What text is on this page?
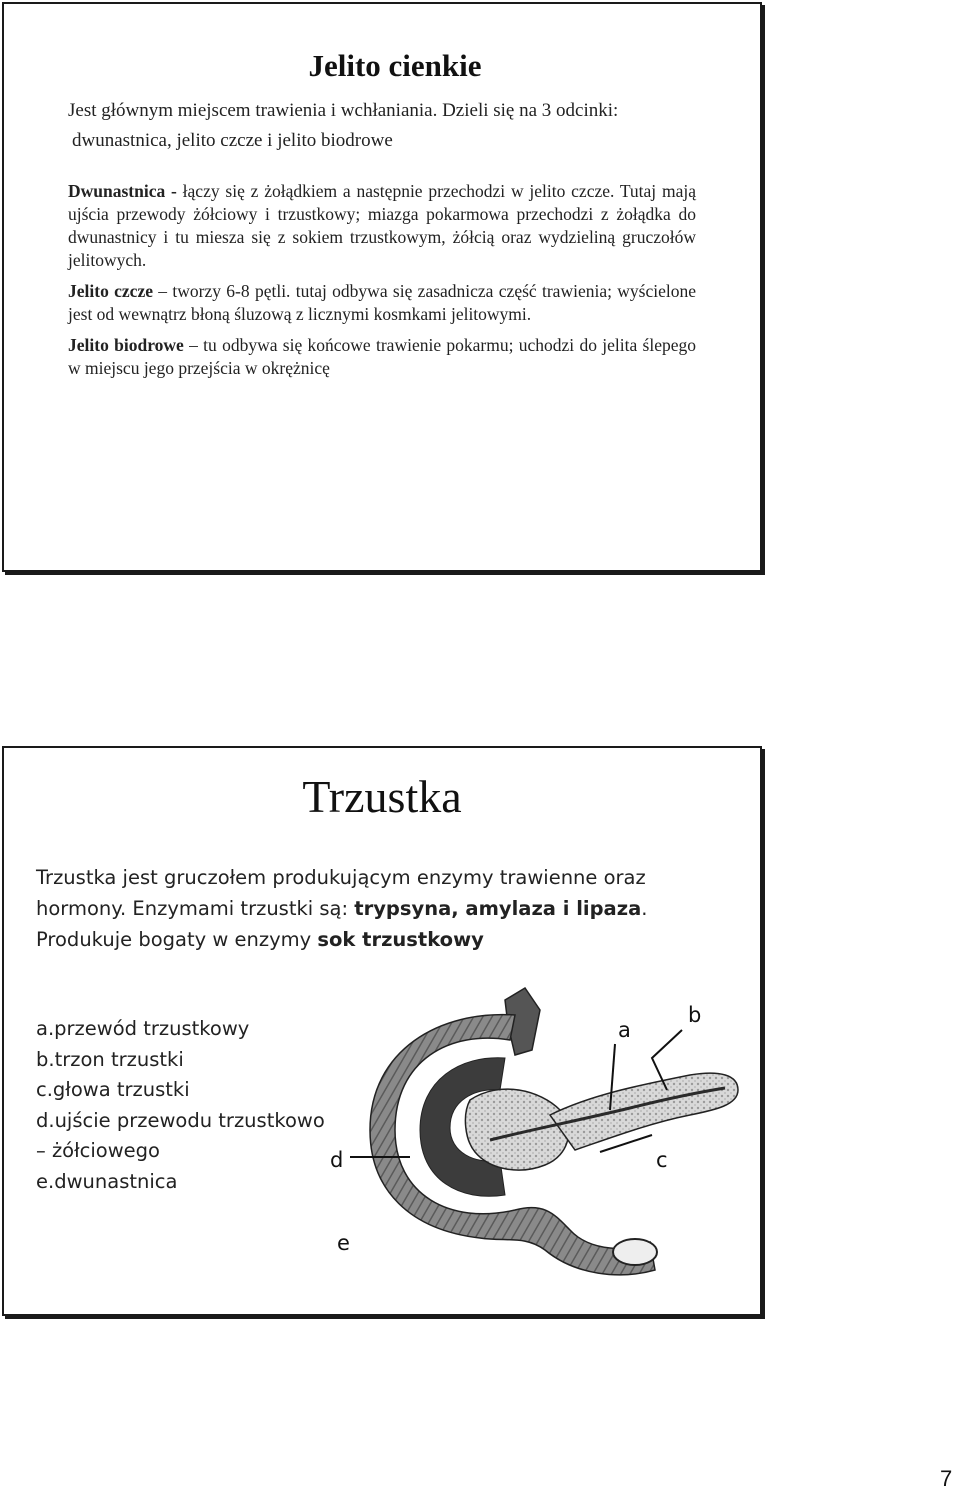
Jelito cienkie
Jest głównym miejscem trawienia i wchłaniania. Dzieli się na 3 odcinki:
dwunastnica, jelito czcze i jelito biodrowe

Dwunastnica - łączy się z żołądkiem a następnie przechodzi w jelito czcze. Tutaj mają ujścia przewody żółciowy i trzustkowy; miazga pokarmowa przechodzi z żołądka do dwunastnicy i tu miesza się z sokiem trzustkowym, żółcią oraz wydzieliną gruczołów jelitowych.

Jelito czcze – tworzy 6-8 pętli. tutaj odbywa się zasadnicza część trawienia; wyścielone jest od wewnątrz błoną śluzową z licznymi kosmkami jelitowymi.

Jelito biodrowe – tu odbywa się końcowe trawienie pokarmu; uchodzi do jelita ślepego w miejscu jego przejścia w okrężnicę

Trzustka
Trzustka jest gruczołem produkującym enzymy trawienne oraz hormony. Enzymami trzustki są: trypsyna, amylaza i lipaza. Produkuje bogaty w enzymy sok trzustkowy
a.przewód trzustkowy
b.trzon trzustki
c.głowa trzustki
d.ujście przewodu trzustkowo – żółciowego
e.dwunastnica
a
b
c
d
e
7
